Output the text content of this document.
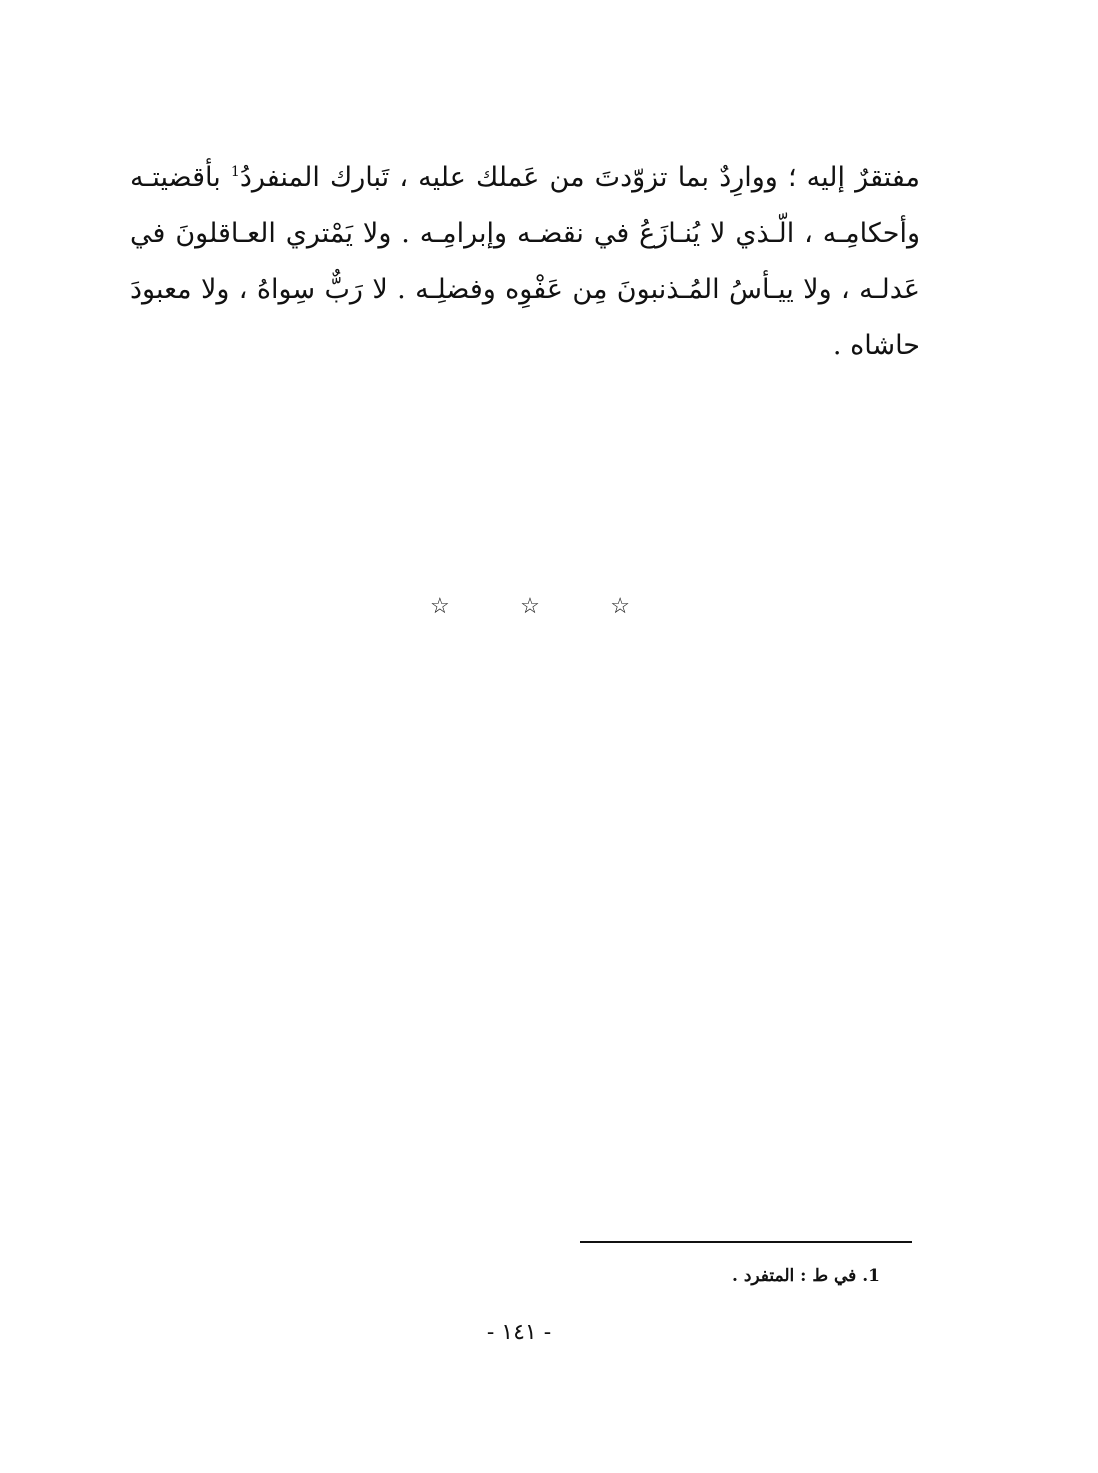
مفتقرٌ إليه ؛ ووارِدٌ بما تزوّدتَ من عَملك عليه ، تَبارك المنفردُ$^1$ بأقضيتـه
وأحكامِـه ، الّـذي لا يُنـازَعُ في نقضـه وإبرامِـه . ولا يَمْتري العـاقلونَ في
عَدلـه ، ولا ييـأسُ المُـذنبونَ مِن عَفْوِه وفضلِـه . لا رَبٌّ سِواهُ ، ولا معبودَ
حاشاه .
☆	☆	☆

1. في ط : المتفرد .

- ١٤١ -
